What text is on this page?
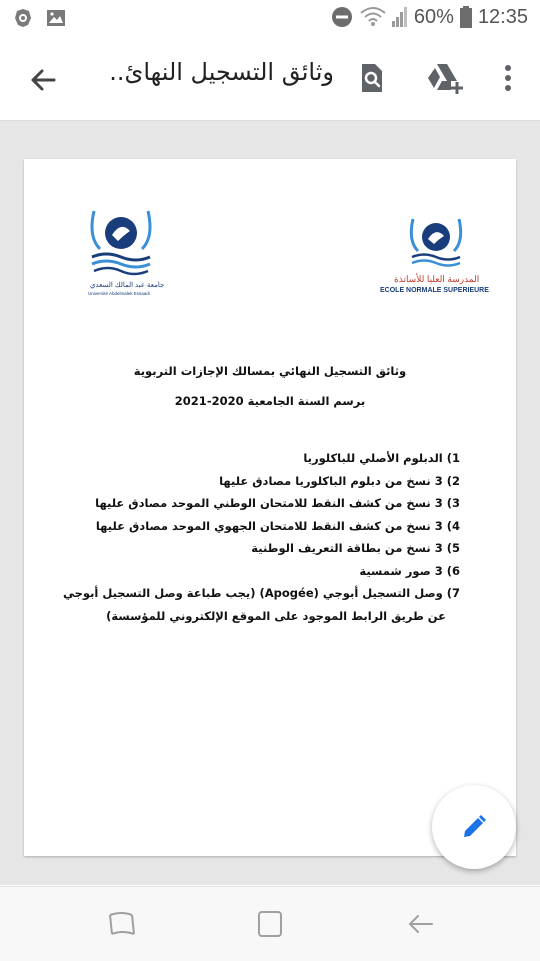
60% 12:35
وثائق التسجيل النهائ..
جامعة عبد المالك السعدي
Université Abdelmalek Essaadi
المدرسة العليا للأساتذة
ECOLE NORMALE SUPERIEURE
وثائق التسجيل النهائي بمسالك الإجازات التربوية
برسم السنة الجامعية 2020-2021
1) الدبلوم الأصلي للباكلوريا
2) 3 نسخ من دبلوم الباكلوريا مصادق عليها
3) 3 نسخ من كشف النقط للامتحان الوطني الموحد مصادق عليها
4) 3 نسخ من كشف النقط للامتحان الجهوي الموحد مصادق عليها
5) 3 نسخ من بطاقة التعريف الوطنية
6) 3 صور شمسية
7) وصل التسجيل أبوجي (Apogée) (يجب طباعة وصل التسجيل أبوجي
عن طريق الرابط الموجود على الموقع الإلكتروني للمؤسسة)
